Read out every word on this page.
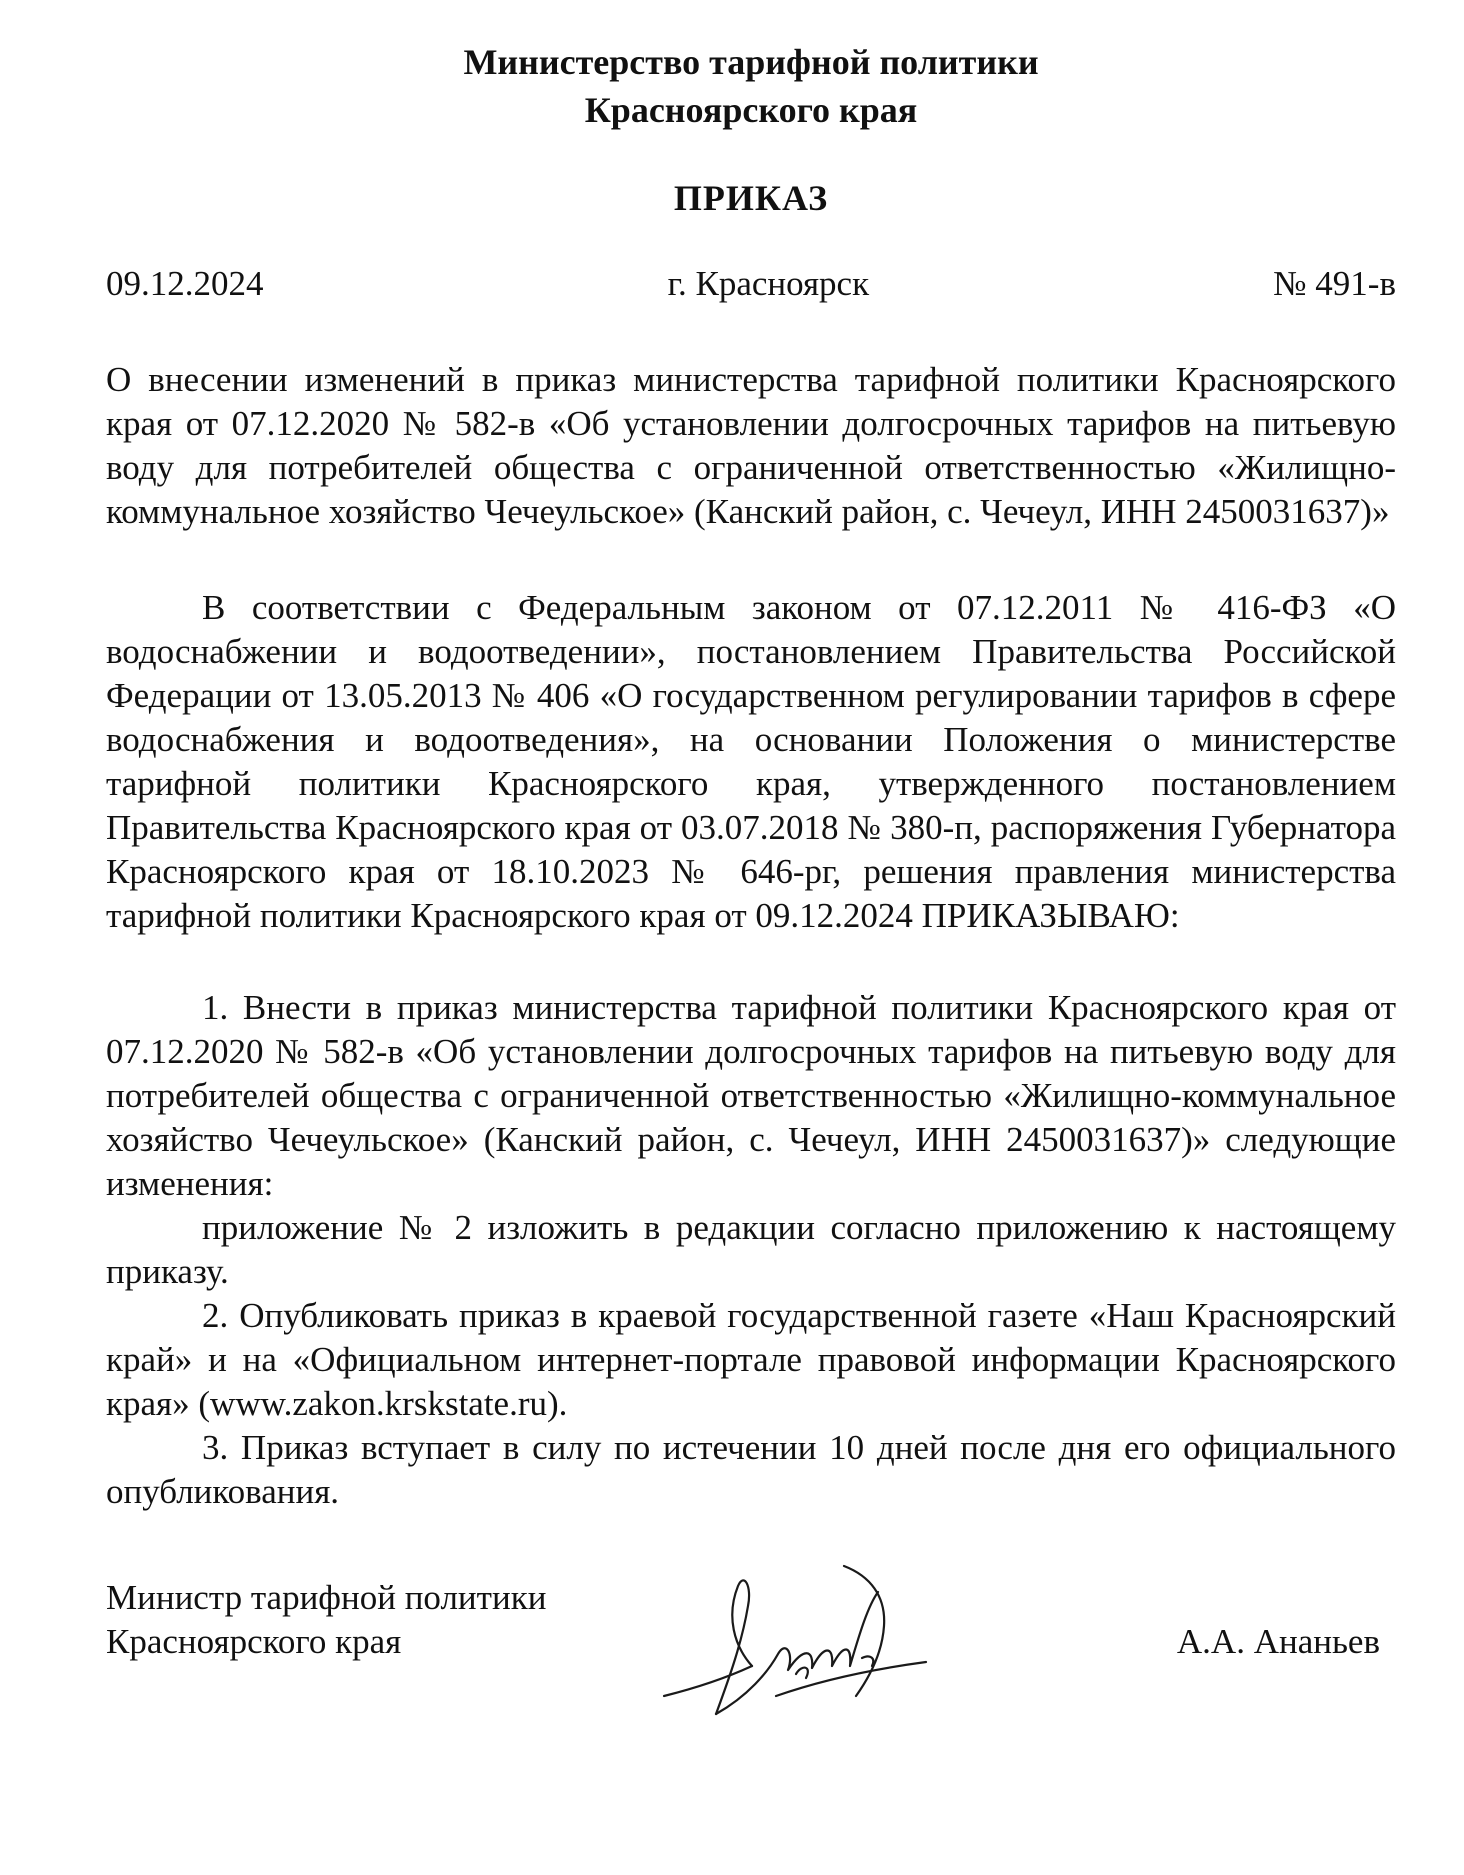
Министерство тарифной политики
Красноярского края
ПРИКАЗ
09.12.2024	г. Красноярск	№ 491-в
О внесении изменений в приказ министерства тарифной политики Красноярского края от 07.12.2020 № 582-в «Об установлении долгосрочных тарифов на питьевую воду для потребителей общества с ограниченной ответственностью «Жилищно-коммунальное хозяйство Чечеульское» (Канский район, с. Чечеул, ИНН 2450031637)»
В соответствии с Федеральным законом от 07.12.2011 № 416-ФЗ «О водоснабжении и водоотведении», постановлением Правительства Российской Федерации от 13.05.2013 № 406 «О государственном регулировании тарифов в сфере водоснабжения и водоотведения», на основании Положения о министерстве тарифной политики Красноярского края, утвержденного постановлением Правительства Красноярского края от 03.07.2018 № 380-п, распоряжения Губернатора Красноярского края от 18.10.2023 № 646-рг, решения правления министерства тарифной политики Красноярского края от 09.12.2024 ПРИКАЗЫВАЮ:
1. Внести в приказ министерства тарифной политики Красноярского края от 07.12.2020 № 582-в «Об установлении долгосрочных тарифов на питьевую воду для потребителей общества с ограниченной ответственностью «Жилищно-коммунальное хозяйство Чечеульское» (Канский район, с. Чечеул, ИНН 2450031637)» следующие изменения:
приложение № 2 изложить в редакции согласно приложению к настоящему приказу.
2. Опубликовать приказ в краевой государственной газете «Наш Красноярский край» и на «Официальном интернет-портале правовой информации Красноярского края» (www.zakon.krskstate.ru).
3. Приказ вступает в силу по истечении 10 дней после дня его официального опубликования.
Министр тарифной политики
Красноярского края	А.А. Ананьев
